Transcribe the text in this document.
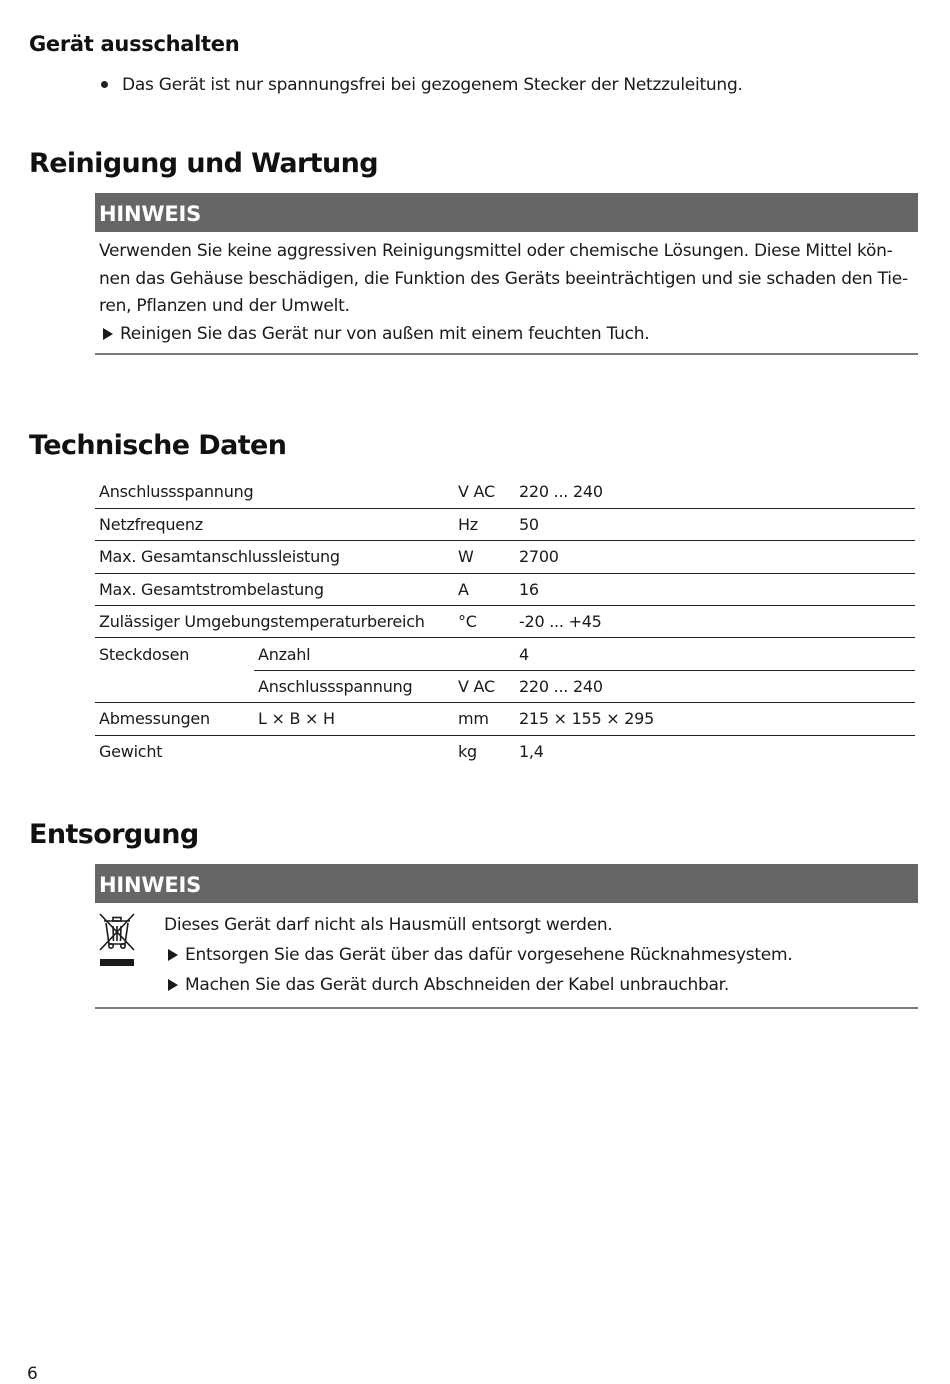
Gerät ausschalten
Das Gerät ist nur spannungsfrei bei gezogenem Stecker der Netzzuleitung.
Reinigung und Wartung
HINWEIS

Verwenden Sie keine aggressiven Reinigungsmittel oder chemische Lösungen. Diese Mittel können das Gehäuse beschädigen, die Funktion des Geräts beeinträchtigen und sie schaden den Tieren, Pflanzen und der Umwelt.

Reinigen Sie das Gerät nur von außen mit einem feuchten Tuch.
Technische Daten
Anschlussspannung		V AC	220 ... 240
Netzfrequenz		Hz	50
Max. Gesamtanschlussleistung		W	2700
Max. Gesamtstrombelastung		A	16
Zulässiger Umgebungstemperaturbereich		°C	-20 ... +45
Steckdosen	Anzahl		4
	Anschlussspannung	V AC	220 ... 240
Abmessungen	L × B × H	mm	215 × 155 × 295
Gewicht		kg	1,4
Entsorgung
HINWEIS
Dieses Gerät darf nicht als Hausmüll entsorgt werden.
Entsorgen Sie das Gerät über das dafür vorgesehene Rücknahmesystem.
Machen Sie das Gerät durch Abschneiden der Kabel unbrauchbar.
6
